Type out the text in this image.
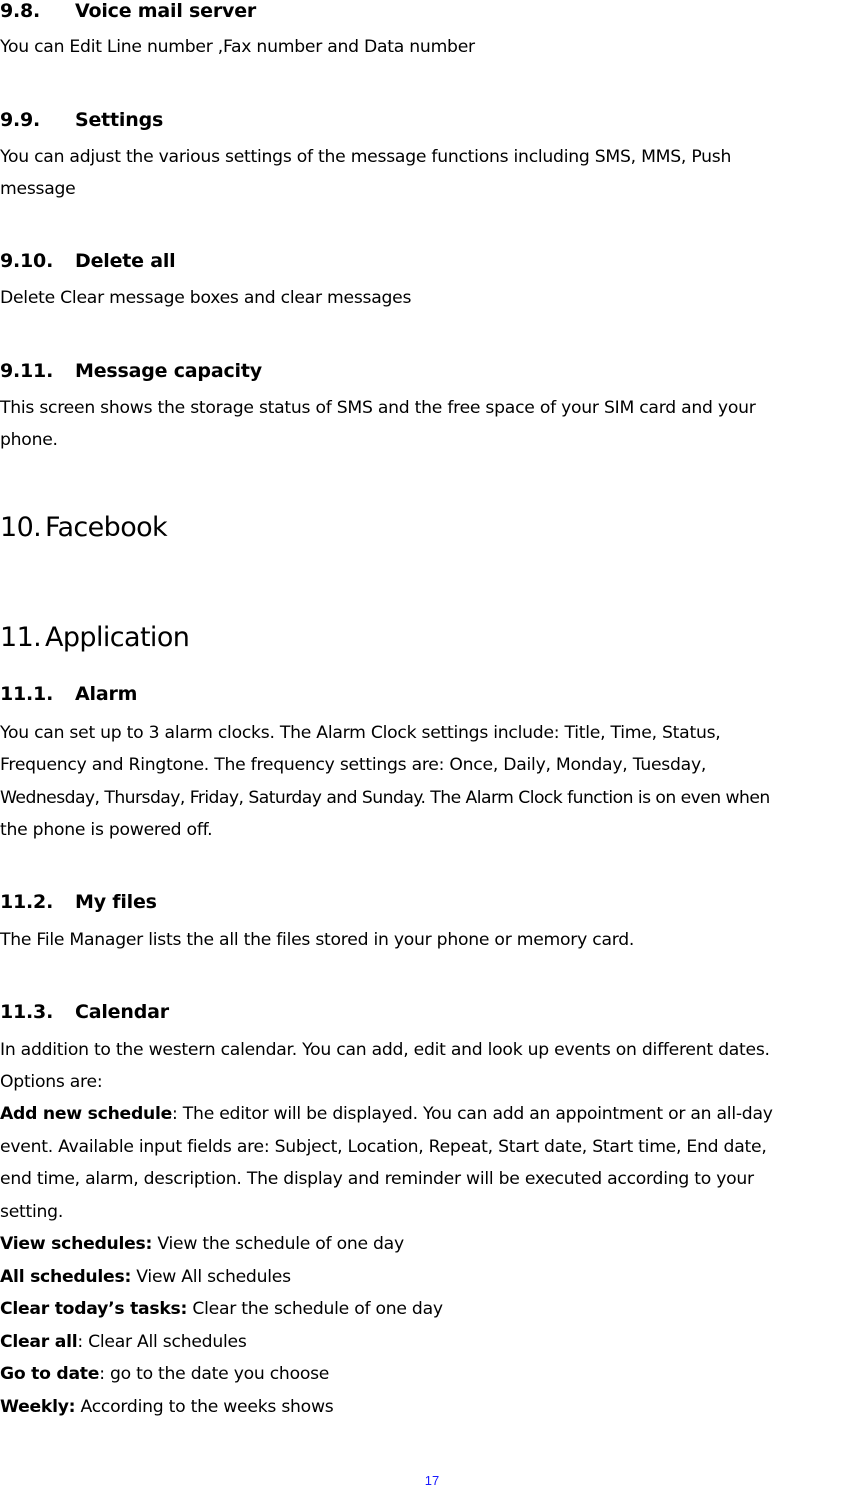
9.8. Voice mail server
You can Edit Line number ,Fax number and Data number
9.9. Settings
You can adjust the various settings of the message functions including SMS, MMS, Push
message
9.10. Delete all
Delete Clear message boxes and clear messages
9.11. Message capacity
This screen shows the storage status of SMS and the free space of your SIM card and your
phone.
10. Facebook
11. Application
11.1. Alarm
You can set up to 3 alarm clocks. The Alarm Clock settings include: Title, Time, Status,
Frequency and Ringtone. The frequency settings are: Once, Daily, Monday, Tuesday,
Wednesday, Thursday, Friday, Saturday and Sunday. The Alarm Clock function is on even when
the phone is powered off.
11.2. My files
The File Manager lists the all the files stored in your phone or memory card.
11.3. Calendar
In addition to the western calendar. You can add, edit and look up events on different dates.
Options are:
Add new schedule: The editor will be displayed. You can add an appointment or an all-day
event. Available input fields are: Subject, Location, Repeat, Start date, Start time, End date,
end time, alarm, description. The display and reminder will be executed according to your
setting.
View schedules: View the schedule of one day
All schedules: View All schedules
Clear today’s tasks: Clear the schedule of one day
Clear all: Clear All schedules
Go to date: go to the date you choose
Weekly: According to the weeks shows
17
